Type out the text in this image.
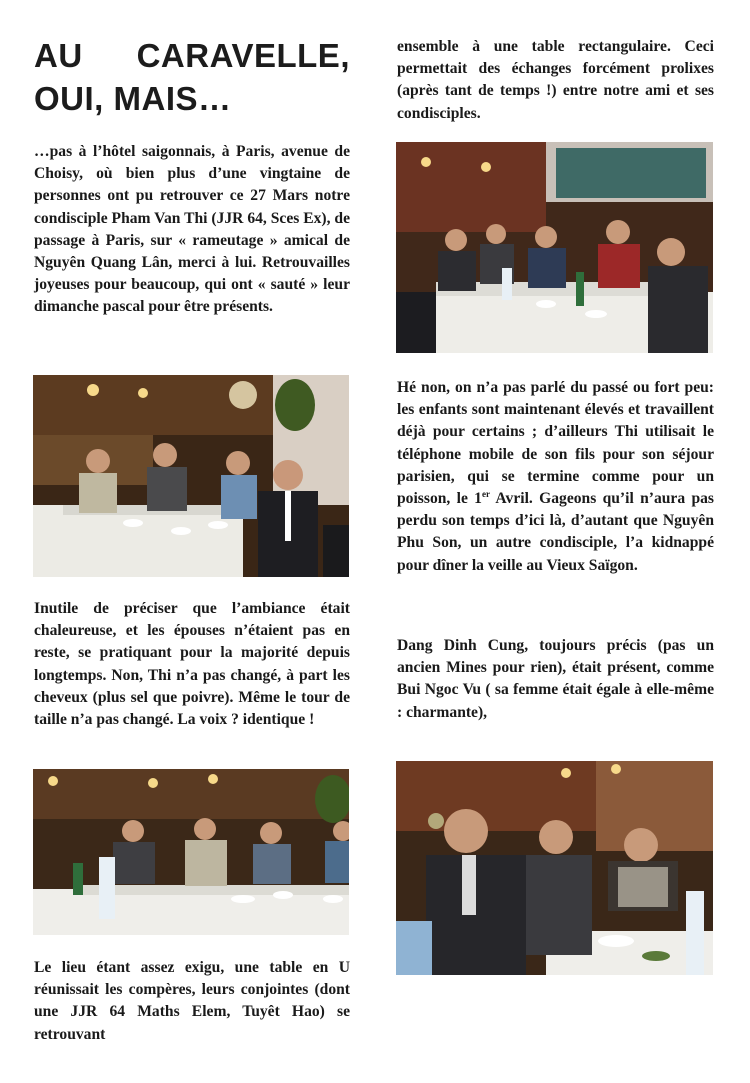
AU CARAVELLE, OUI, MAIS…

…pas à l’hôtel saigonnais, à Paris, avenue de Choisy, où bien plus d’une vingtaine de personnes ont pu retrouver ce 27 Mars notre condisciple Pham Van Thi (JJR 64, Sces Ex), de passage à Paris, sur « rameutage » amical de Nguyên Quang Lân, merci à lui. Retrouvailles joyeuses pour beaucoup, qui ont « sauté » leur dimanche pascal pour être présents.

Inutile de préciser que l’ambiance était chaleureuse, et les épouses n’étaient pas en reste, se pratiquant pour la majorité depuis longtemps. Non, Thi n’a pas changé, à part les cheveux (plus sel que poivre). Même le tour de taille n’a pas changé. La voix ? identique !

Le lieu étant assez exigu, une table en U réunissait les compères, leurs conjointes (dont une JJR 64 Maths Elem, Tuyêt Hao) se retrouvant

ensemble à une table rectangulaire. Ceci permettait des échanges forcément prolixes (après tant de temps !) entre notre ami et ses condisciples.

Hé non, on n’a pas parlé du passé ou fort peu: les enfants sont maintenant élevés et travaillent déjà pour certains ; d’ailleurs Thi utilisait le téléphone mobile de son fils pour son séjour parisien, qui se termine comme pour un poisson, le 1er Avril. Gageons qu’il n’aura pas perdu son temps d’ici là, d’autant que Nguyên Phu Son, un autre condisciple, l’a kidnappé pour dîner la veille au Vieux Saïgon.

Dang Dinh Cung, toujours précis (pas un ancien Mines pour rien), était présent, comme Bui Ngoc Vu ( sa femme était égale à elle-même : charmante),
